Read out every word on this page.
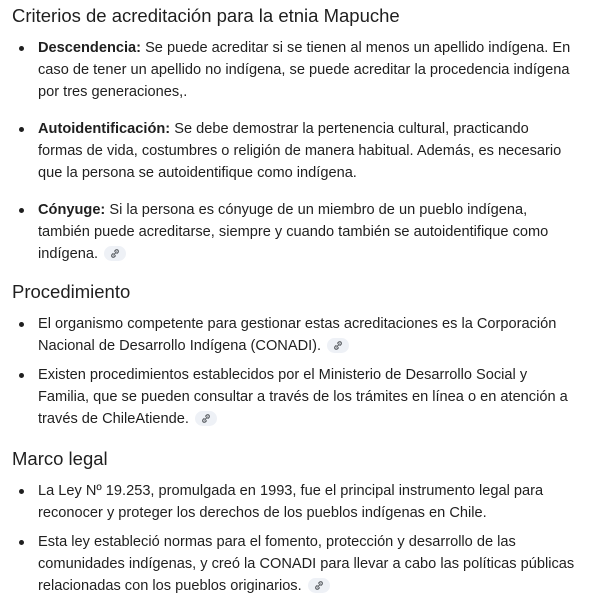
Criterios de acreditación para la etnia Mapuche
Descendencia: Se puede acreditar si se tienen al menos un apellido indígena. En caso de tener un apellido no indígena, se puede acreditar la procedencia indígena por tres generaciones,.
Autoidentificación: Se debe demostrar la pertenencia cultural, practicando formas de vida, costumbres o religión de manera habitual. Además, es necesario que la persona se autoidentifique como indígena.
Cónyuge: Si la persona es cónyuge de un miembro de un pueblo indígena, también puede acreditarse, siempre y cuando también se autoidentifique como indígena.
Procedimiento
El organismo competente para gestionar estas acreditaciones es la Corporación Nacional de Desarrollo Indígena (CONADI).
Existen procedimientos establecidos por el Ministerio de Desarrollo Social y Familia, que se pueden consultar a través de los trámites en línea o en atención a través de ChileAtiende.
Marco legal
La Ley Nº 19.253, promulgada en 1993, fue el principal instrumento legal para reconocer y proteger los derechos de los pueblos indígenas en Chile.
Esta ley estableció normas para el fomento, protección y desarrollo de las comunidades indígenas, y creó la CONADI para llevar a cabo las políticas públicas relacionadas con los pueblos originarios.
